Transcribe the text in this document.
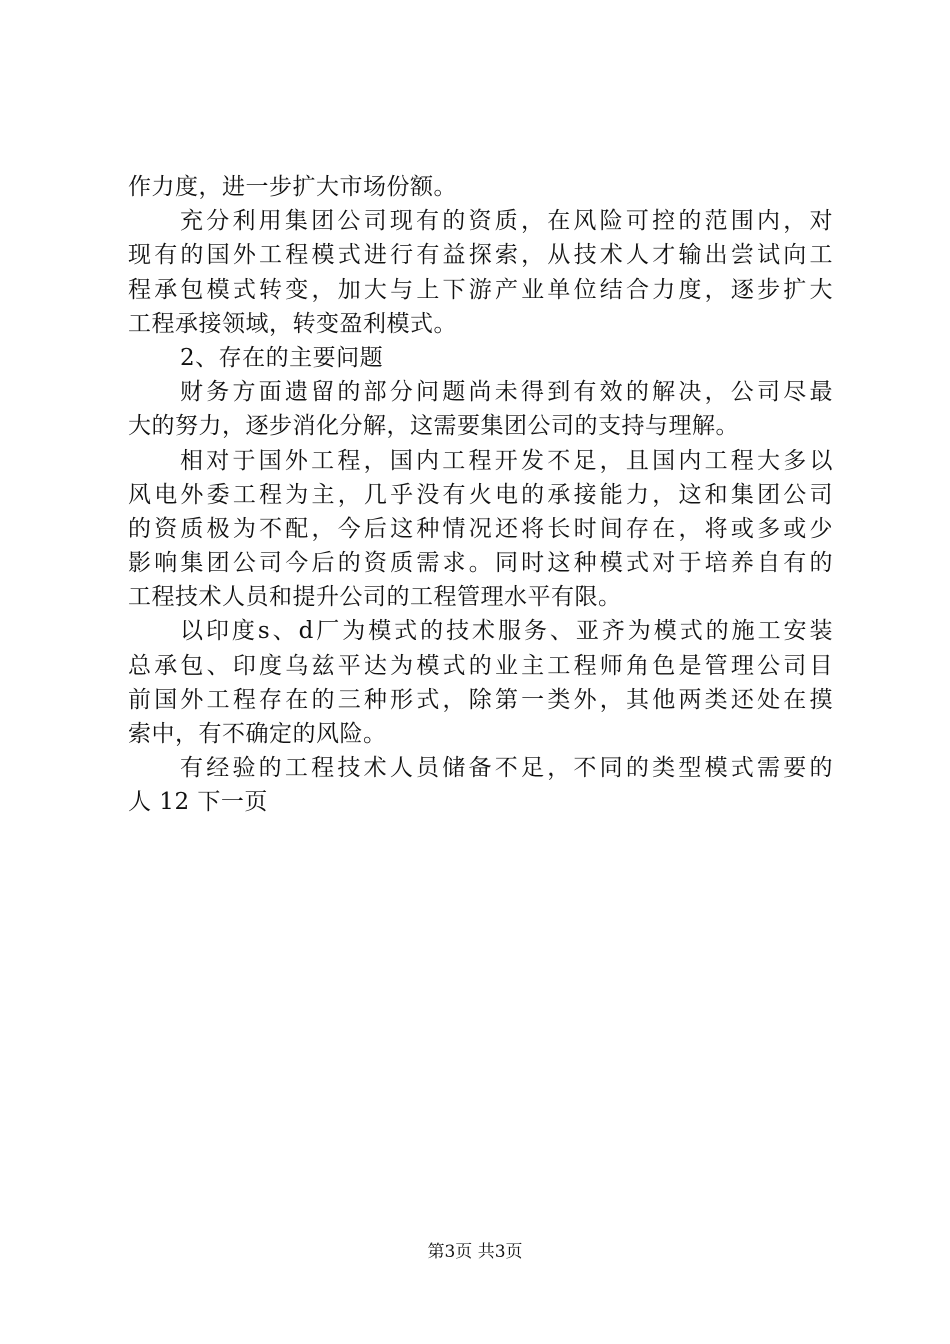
作力度，进一步扩大市场份额。
充分利用集团公司现有的资质，在风险可控的范围内，对
现有的国外工程模式进行有益探索，从技术人才输出尝试向工
程承包模式转变，加大与上下游产业单位结合力度，逐步扩大
工程承接领域，转变盈利模式。
2、存在的主要问题
财务方面遗留的部分问题尚未得到有效的解决，公司尽最
大的努力，逐步消化分解，这需要集团公司的支持与理解。
相对于国外工程，国内工程开发不足，且国内工程大多以
风电外委工程为主，几乎没有火电的承接能力，这和集团公司
的资质极为不配，今后这种情况还将长时间存在，将或多或少
影响集团公司今后的资质需求。同时这种模式对于培养自有的
工程技术人员和提升公司的工程管理水平有限。
以印度s、d厂为模式的技术服务、亚齐为模式的施工安装
总承包、印度乌兹平达为模式的业主工程师角色是管理公司目
前国外工程存在的三种形式，除第一类外，其他两类还处在摸
索中，有不确定的风险。
有经验的工程技术人员储备不足，不同的类型模式需要的
人 12 下一页
第3页 共3页
